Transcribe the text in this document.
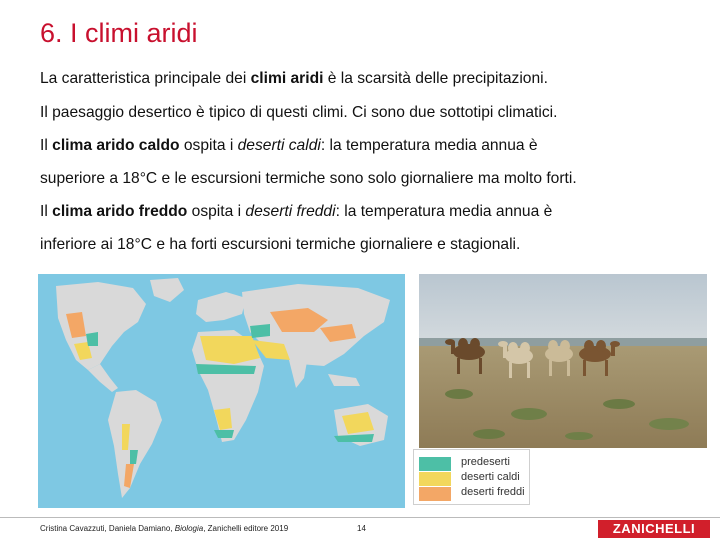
6. I climi aridi
La caratteristica principale dei climi aridi è la scarsità delle precipitazioni.
Il paesaggio desertico è tipico di questi climi. Ci sono due sottotipi climatici.
Il clima arido caldo ospita i deserti caldi: la temperatura media annua è
superiore a 18°C e le escursioni termiche sono solo giornaliere ma molto forti.
Il clima arido freddo ospita i deserti freddi: la temperatura media annua è
inferiore ai 18°C e ha forti escursioni termiche giornaliere e stagionali.
predeserti
deserti caldi
deserti freddi
Cristina Cavazzuti, Daniela Damiano, Biologia, Zanichelli editore 2019	14	ZANICHELLI
